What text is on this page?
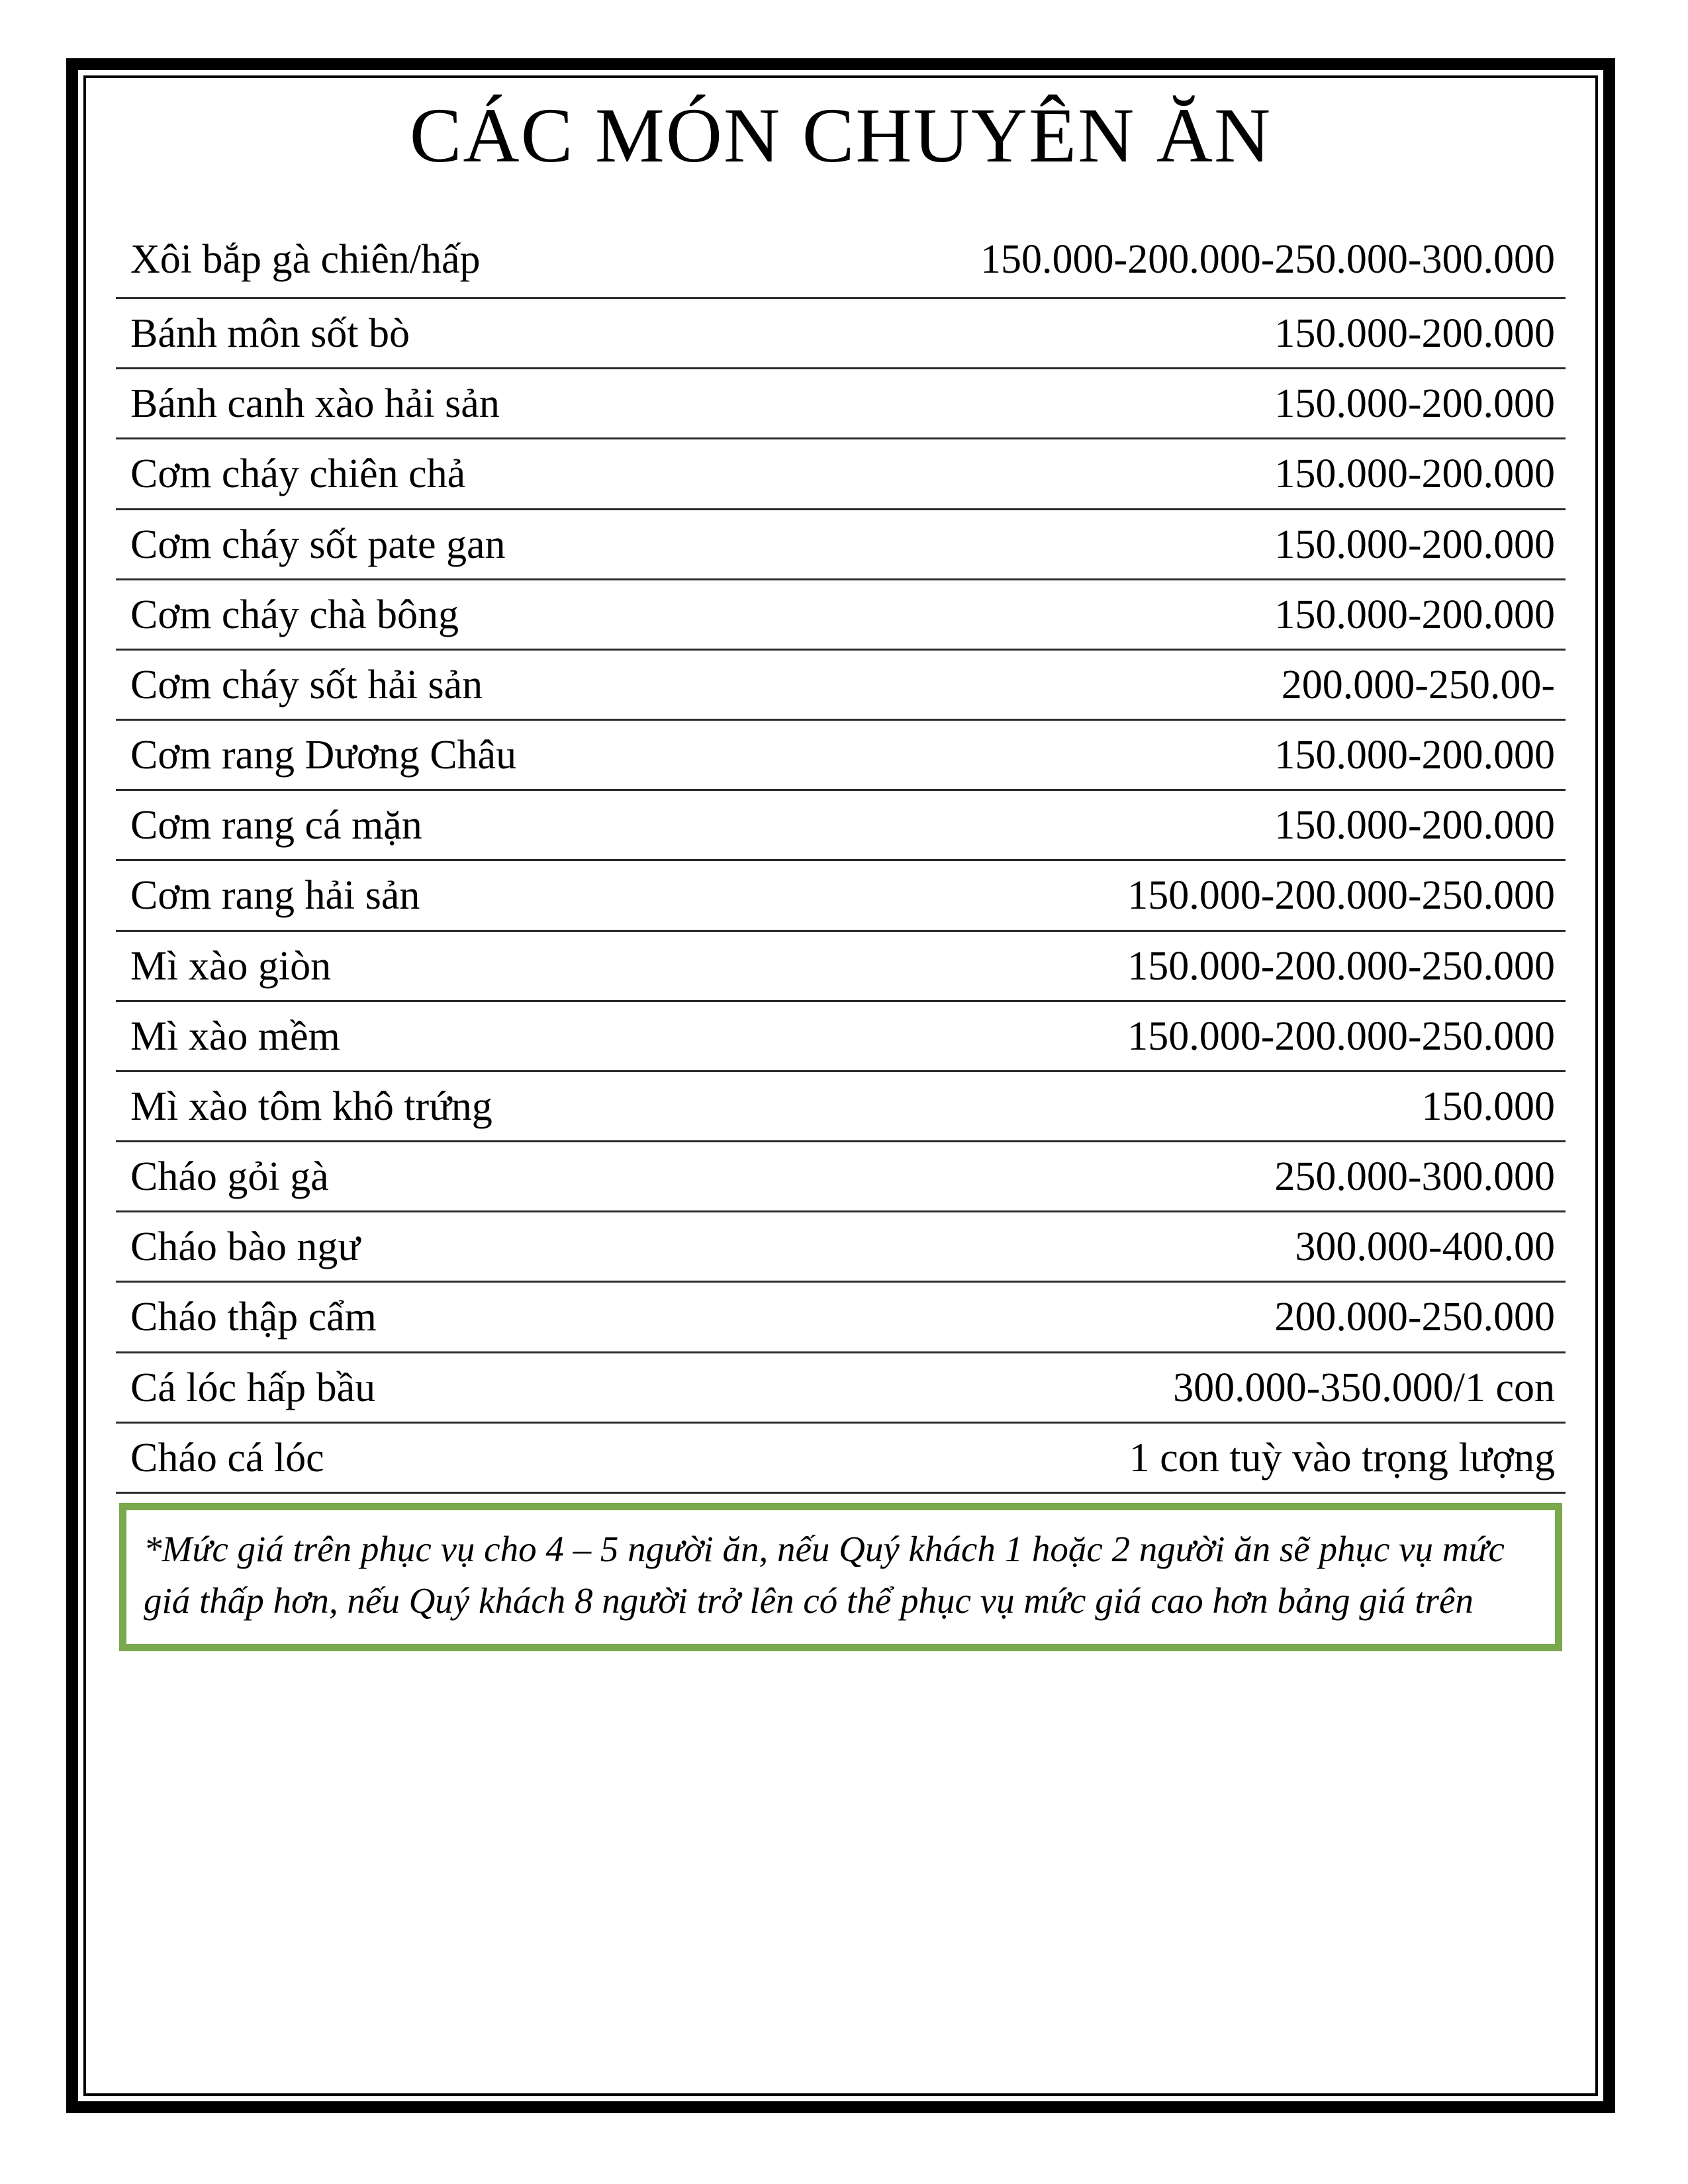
CÁC MÓN CHUYÊN ĂN
Xôi bắp gà chiên/hấp	150.000-200.000-250.000-300.000
Bánh môn sốt bò	150.000-200.000
Bánh canh xào hải sản	150.000-200.000
Cơm cháy chiên chả	150.000-200.000
Cơm cháy sốt pate gan	150.000-200.000
Cơm cháy chà bông	150.000-200.000
Cơm cháy sốt hải sản	200.000-250.00-
Cơm rang Dương Châu	150.000-200.000
Cơm rang cá mặn	150.000-200.000
Cơm rang hải sản	150.000-200.000-250.000
Mì xào giòn	150.000-200.000-250.000
Mì xào mềm	150.000-200.000-250.000
Mì xào tôm khô trứng	150.000
Cháo gỏi gà	250.000-300.000
Cháo bào ngư	300.000-400.00
Cháo thập cẩm	200.000-250.000
Cá lóc hấp bầu	300.000-350.000/1 con
Cháo cá lóc	1 con tuỳ vào trọng lượng
*Mức giá trên phục vụ cho 4 – 5 người ăn, nếu Quý khách 1 hoặc 2 người ăn sẽ phục vụ mức giá thấp hơn, nếu Quý khách 8 người trở lên có thể phục vụ mức giá cao hơn bảng giá trên
